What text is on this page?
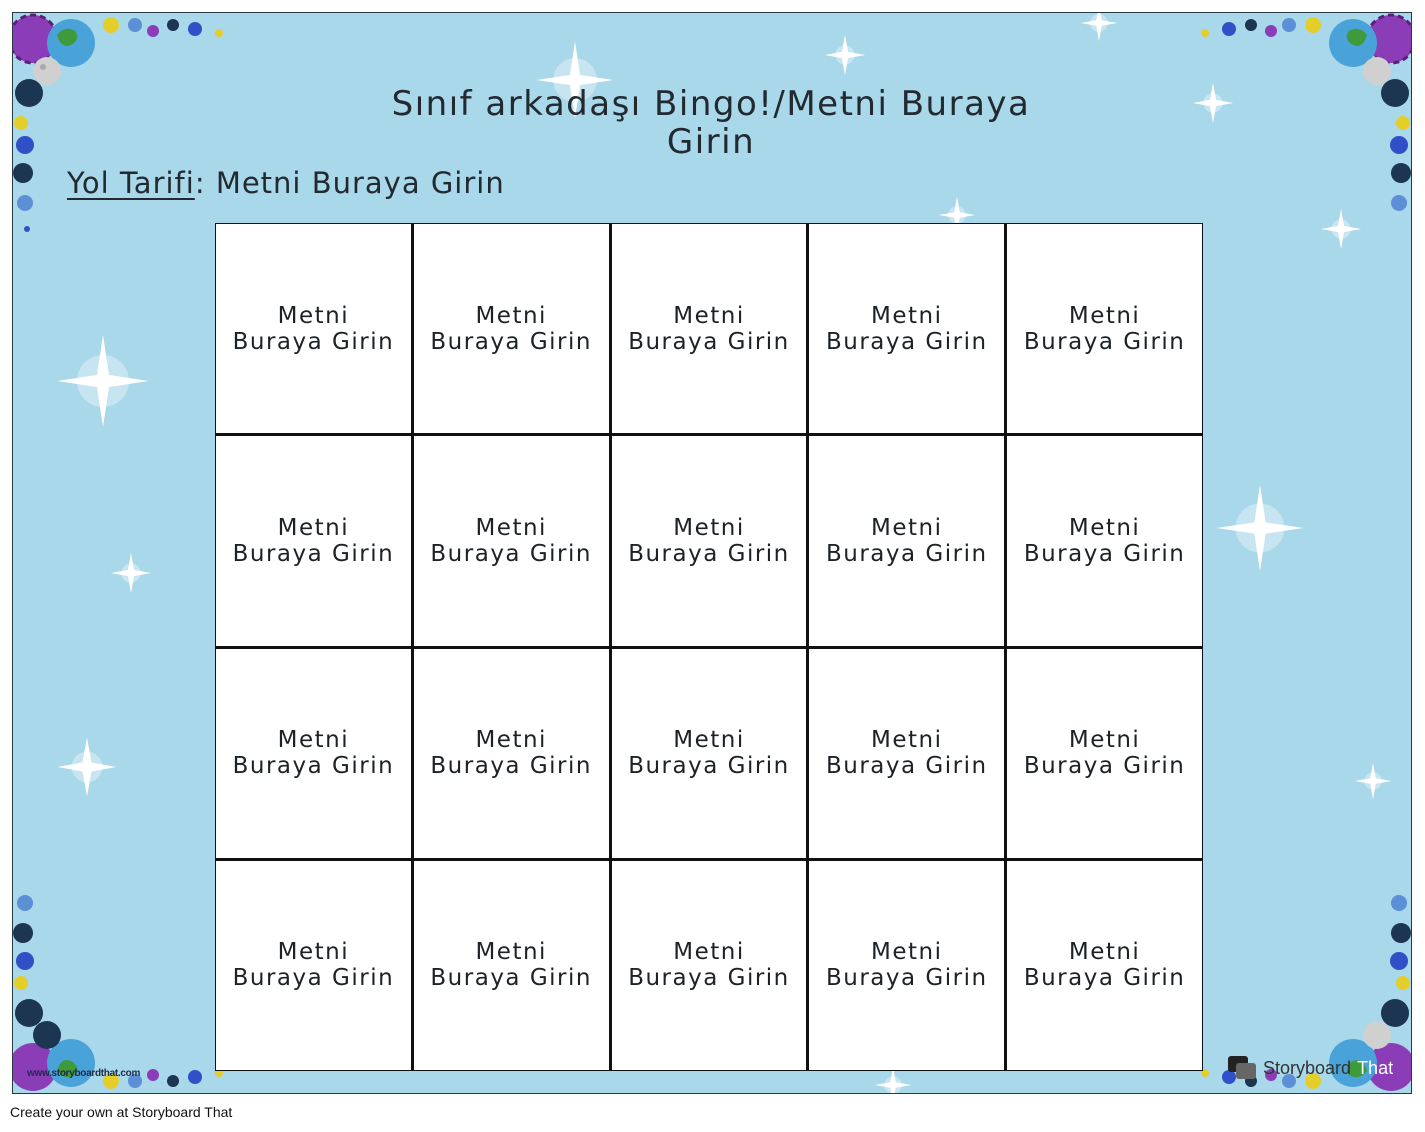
Sınıf arkadaşı Bingo!/Metni Buraya
Girin
Yol Tarifi: Metni Buraya Girin
Metni Buraya Girin
Metni Buraya Girin
Metni Buraya Girin
Metni Buraya Girin
Metni Buraya Girin
Metni Buraya Girin
Metni Buraya Girin
Metni Buraya Girin
Metni Buraya Girin
Metni Buraya Girin
Metni Buraya Girin
Metni Buraya Girin
Metni Buraya Girin
Metni Buraya Girin
Metni Buraya Girin
Metni Buraya Girin
Metni Buraya Girin
Metni Buraya Girin
Metni Buraya Girin
Metni Buraya Girin
www.storyboardthat.com	Storyboard That
Create your own at Storyboard That
